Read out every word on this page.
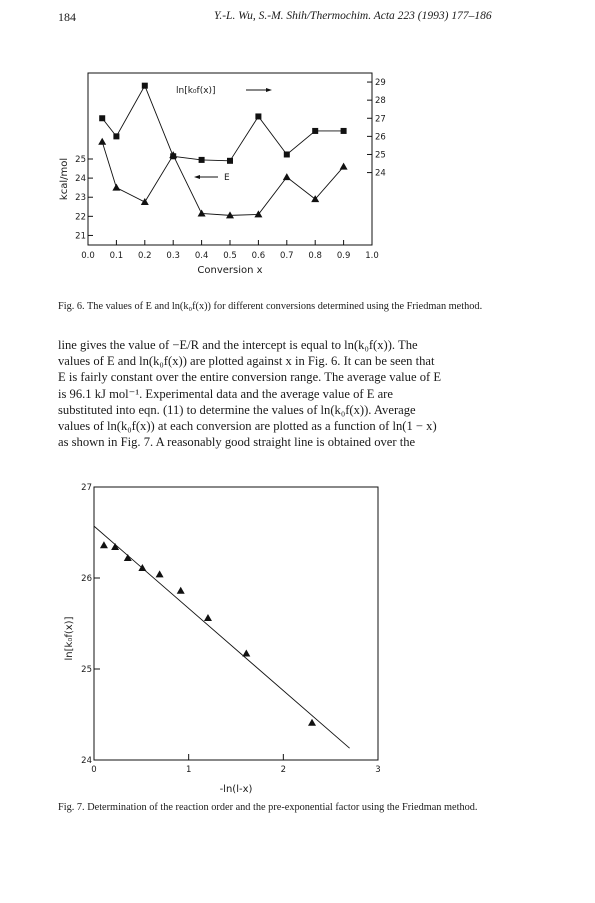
184	Y.-L. Wu, S.-M. Shih/Thermochim. Acta 223 (1993) 177–186
0.0 0.1 0.2 0.3 0.4 0.5 0.6 0.7 0.8 0.9 1.0
21
22
23
24
25
24
25
26
27
28
29
ln[k₀f(x)]
E
Conversion x
kcal/mol
Fig. 6. The values of E and ln(k₀f(x)) for different conversions determined using the Friedman method.

line gives the value of −E/R and the intercept is equal to ln(k₀f(x)). The

values of E and ln(k₀f(x)) are plotted against x in Fig. 6. It can be seen that

E is fairly constant over the entire conversion range. The average value of E

is 96.1 kJ mol⁻¹. Experimental data and the average value of E are

substituted into eqn. (11) to determine the values of ln(k₀f(x)). Average

values of ln(k₀f(x)) at each conversion are plotted as a function of ln(1 − x)

as shown in Fig. 7. A reasonably good straight line is obtained over the

0	1	2	3
24
25
26
27
-ln(l-x)
ln[k₀f(x)]
Fig. 7. Determination of the reaction order and the pre-exponential factor using the Friedman method.
